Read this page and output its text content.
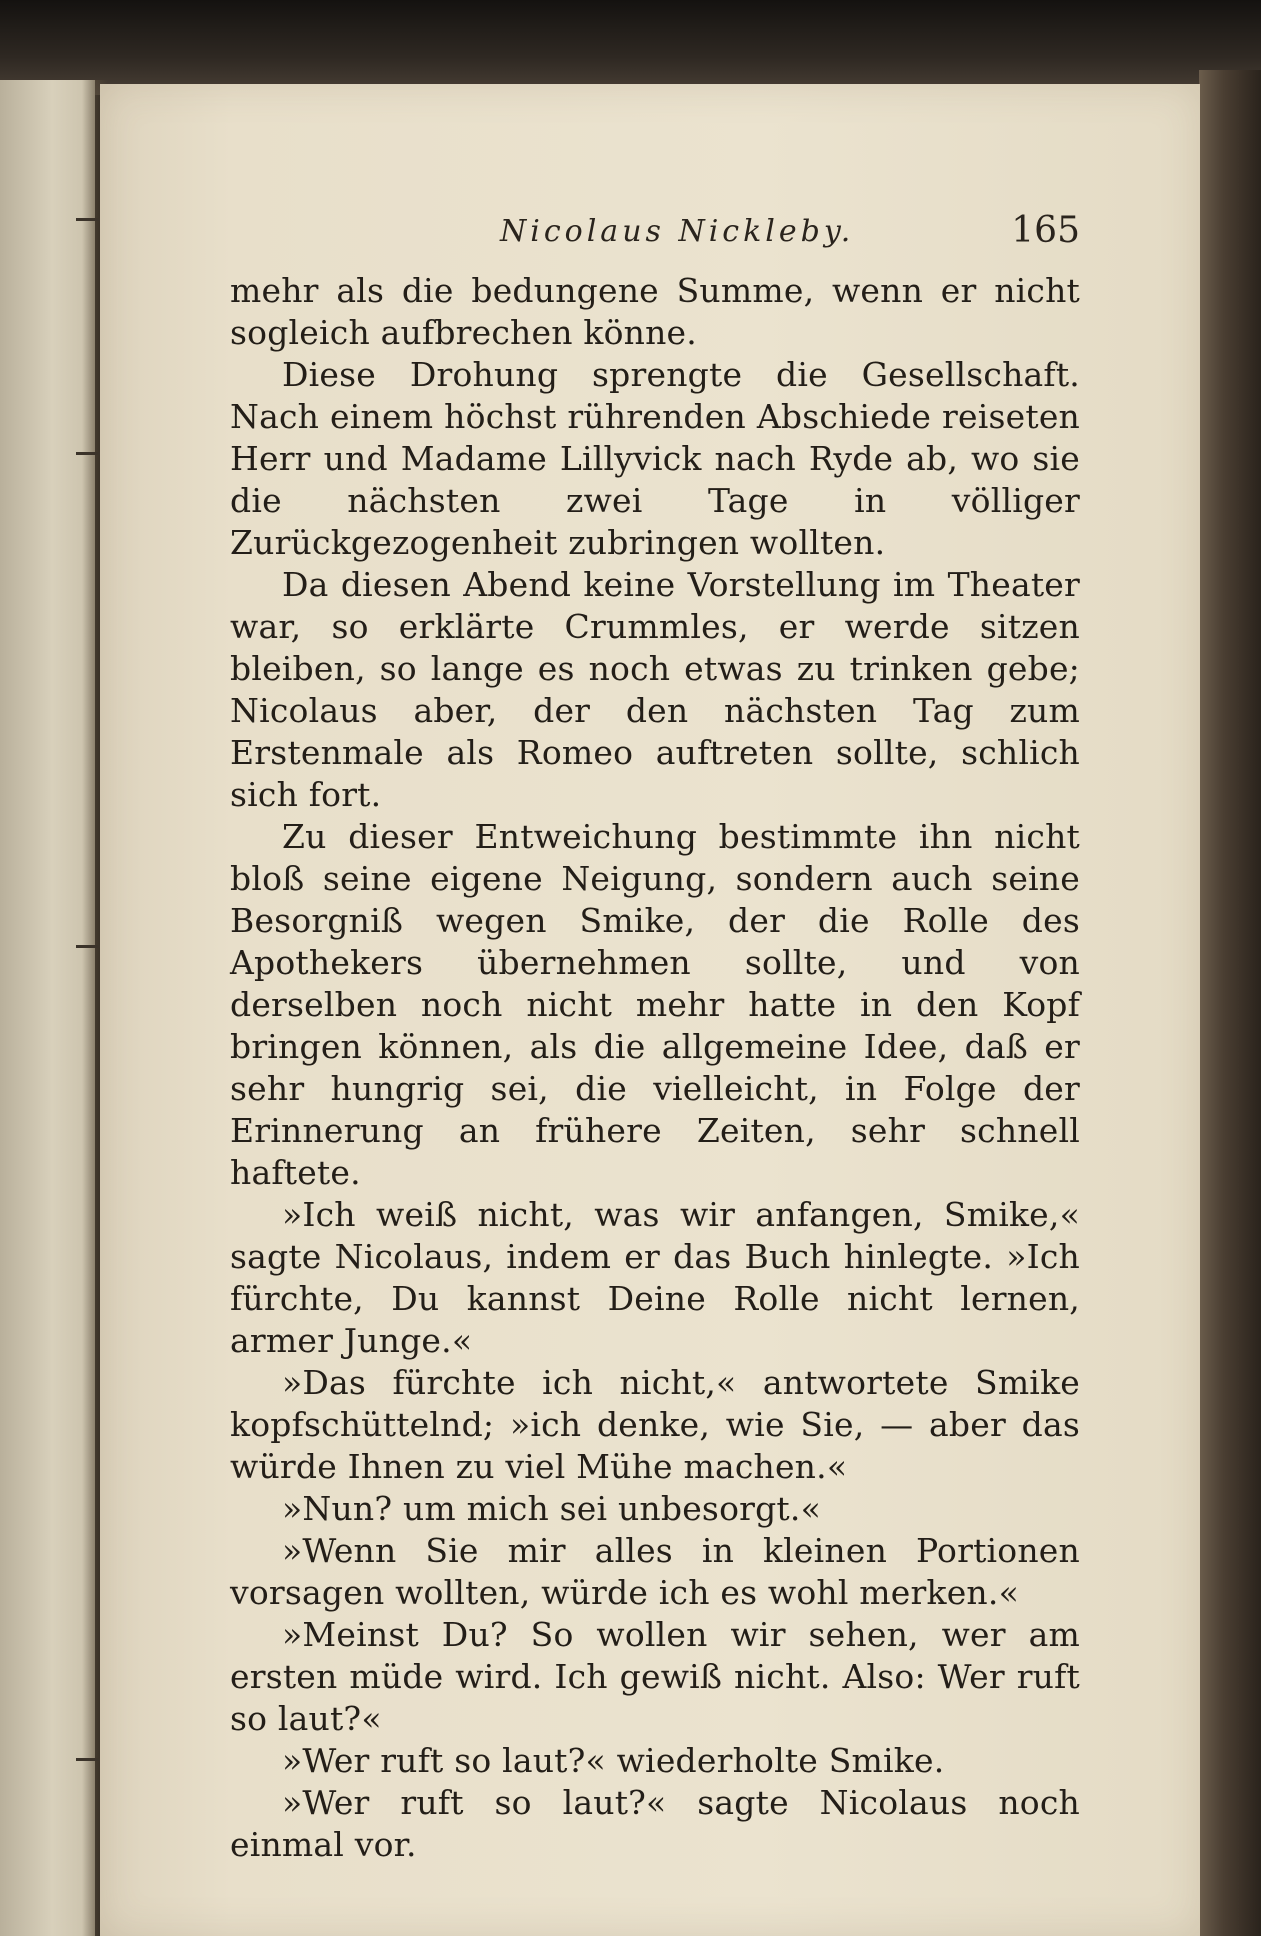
Nicolaus Nickleby.	165

mehr als die bedungene Summe, wenn er nicht sogleich aufbrechen könne.

Diese Drohung sprengte die Gesellschaft. Nach einem höchst rührenden Abschiede reiseten Herr und Madame Lillyvick nach Ryde ab, wo sie die nächsten zwei Tage in völliger Zurückgezogenheit zubringen wollten.

Da diesen Abend keine Vorstellung im Theater war, so erklärte Crummles, er werde sitzen bleiben, so lange es noch etwas zu trinken gebe; Nicolaus aber, der den nächsten Tag zum Erstenmale als Romeo auftreten sollte, schlich sich fort.

Zu dieser Entweichung bestimmte ihn nicht bloß seine eigene Neigung, sondern auch seine Besorgniß wegen Smike, der die Rolle des Apothekers übernehmen sollte, und von derselben noch nicht mehr hatte in den Kopf bringen können, als die allgemeine Idee, daß er sehr hungrig sei, die vielleicht, in Folge der Erinnerung an frühere Zeiten, sehr schnell haftete.

»Ich weiß nicht, was wir anfangen, Smike,« sagte Nicolaus, indem er das Buch hinlegte. »Ich fürchte, Du kannst Deine Rolle nicht lernen, armer Junge.«

»Das fürchte ich nicht,« antwortete Smike kopfschüttelnd; »ich denke, wie Sie, — aber das würde Ihnen zu viel Mühe machen.«

»Nun? um mich sei unbesorgt.«

»Wenn Sie mir alles in kleinen Portionen vorsagen wollten, würde ich es wohl merken.«

»Meinst Du? So wollen wir sehen, wer am ersten müde wird. Ich gewiß nicht. Also: Wer ruft so laut?«

»Wer ruft so laut?« wiederholte Smike.

»Wer ruft so laut?« sagte Nicolaus noch einmal vor.
